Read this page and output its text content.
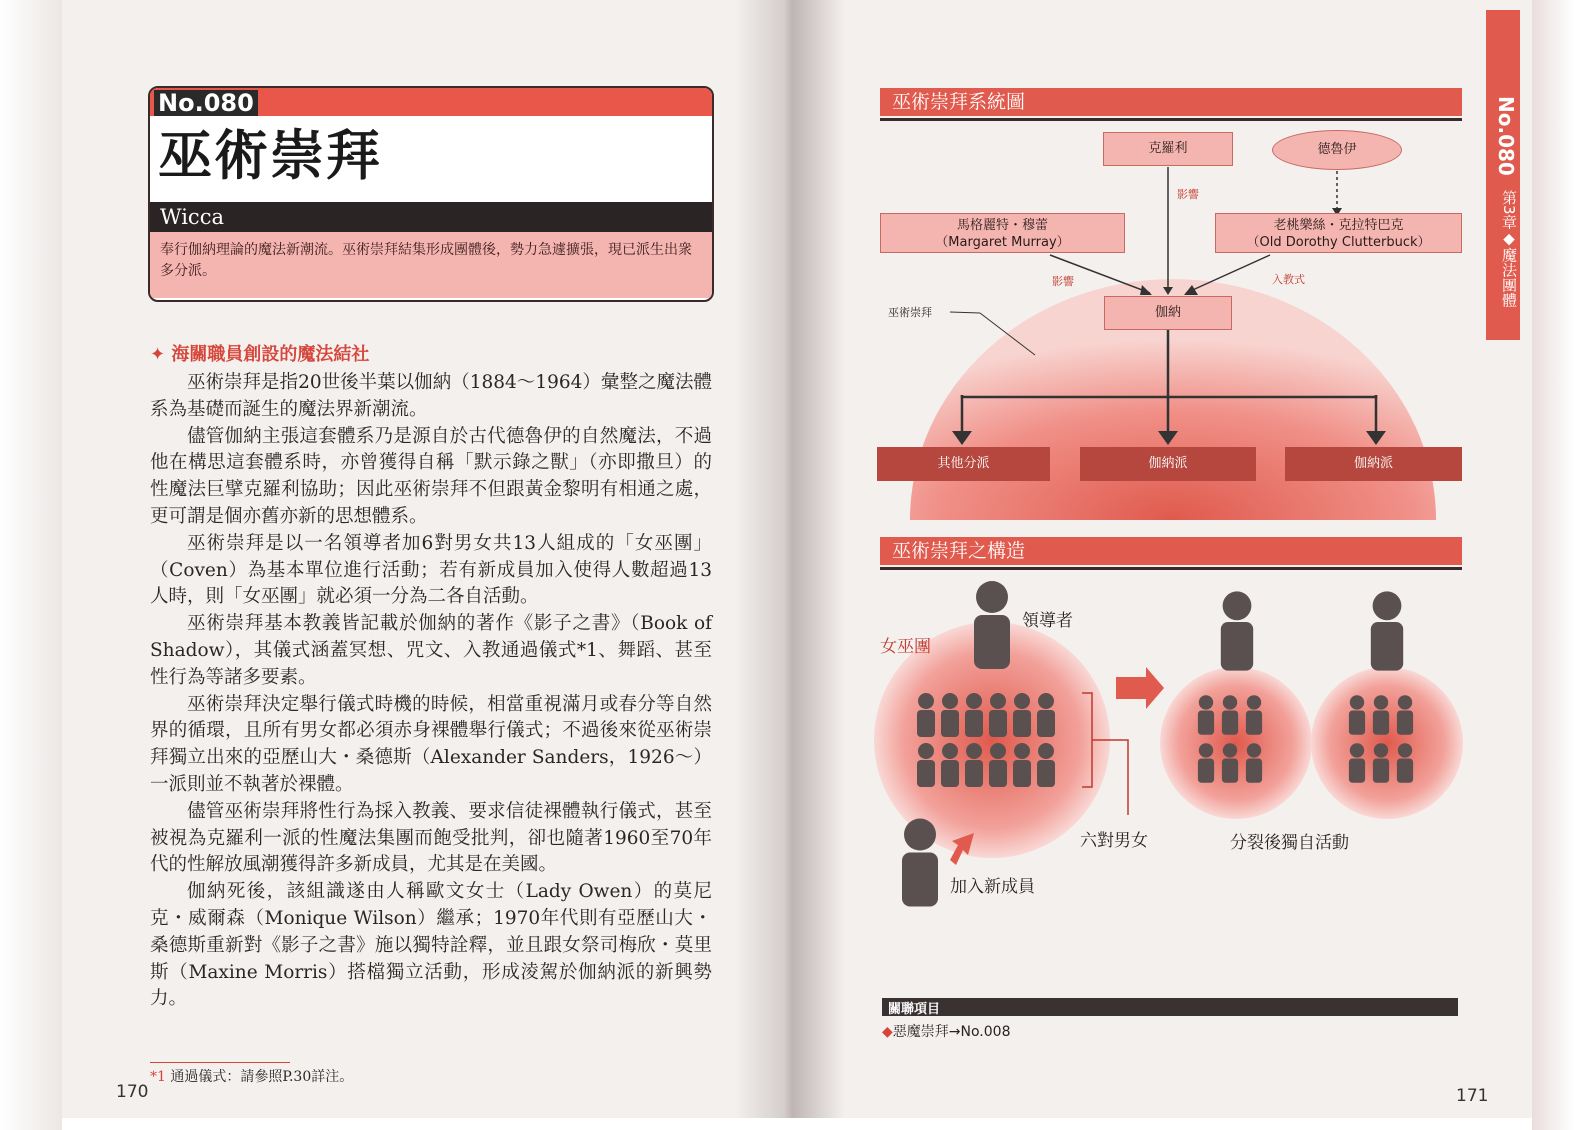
No.080
巫術崇拜
Wicca
奉行伽納理論的魔法新潮流。巫術崇拜結集形成團體後，勢力急遽擴張，現已派生出衆多分派。
✦ 海關職員創設的魔法結社

巫術崇拜是指20世後半葉以伽納（1884～1964）彙整之魔法體系為基礎而誕生的魔法界新潮流。

儘管伽納主張這套體系乃是源自於古代德魯伊的自然魔法，不過他在構思這套體系時，亦曾獲得自稱「默示錄之獸」（亦即撒旦）的性魔法巨擘克羅利協助；因此巫術崇拜不但跟黃金黎明有相通之處，更可謂是個亦舊亦新的思想體系。

巫術崇拜是以一名領導者加6對男女共13人組成的「女巫團」（Coven）為基本單位進行活動；若有新成員加入使得人數超過13人時，則「女巫團」就必須一分為二各自活動。

巫術崇拜基本教義皆記載於伽納的著作《影子之書》（Book of Shadow），其儀式涵蓋冥想、咒文、入教通過儀式*1、舞蹈、甚至性行為等諸多要素。

巫術崇拜決定舉行儀式時機的時候，相當重視滿月或春分等自然界的循環，且所有男女都必須赤身裸體舉行儀式；不過後來從巫術崇拜獨立出來的亞歷山大・桑德斯（Alexander Sanders，1926～）一派則並不執著於裸體。

儘管巫術崇拜將性行為採入教義、要求信徒裸體執行儀式，甚至被視為克羅利一派的性魔法集團而飽受批判，卻也隨著1960至70年代的性解放風潮獲得許多新成員，尤其是在美國。

伽納死後，該組識遂由人稱歐文女士（Lady Owen）的莫尼克・威爾森（Monique Wilson）繼承；1970年代則有亞歷山大・桑德斯重新對《影子之書》施以獨特詮釋，並且跟女祭司梅欣・莫里斯（Maxine Morris）搭檔獨立活動，形成淩駕於伽納派的新興勢力。

*1 通過儀式：請參照P.30詳注。
170
No.080
第3章◆魔法團體
巫術崇拜系統圖
克羅利	德魯伊
馬格麗特・穆蕾
（Margaret Murray）
老桃樂絲・克拉特巴克
（Old Dorothy Clutterbuck）
伽納
影響
影響	入教式
巫術崇拜
其他分派	伽納派	伽納派
巫術崇拜之構造
領導者
女巫團
六對男女	分裂後獨自活動
加入新成員
關聯項目
◆惡魔崇拜→No.008
171
